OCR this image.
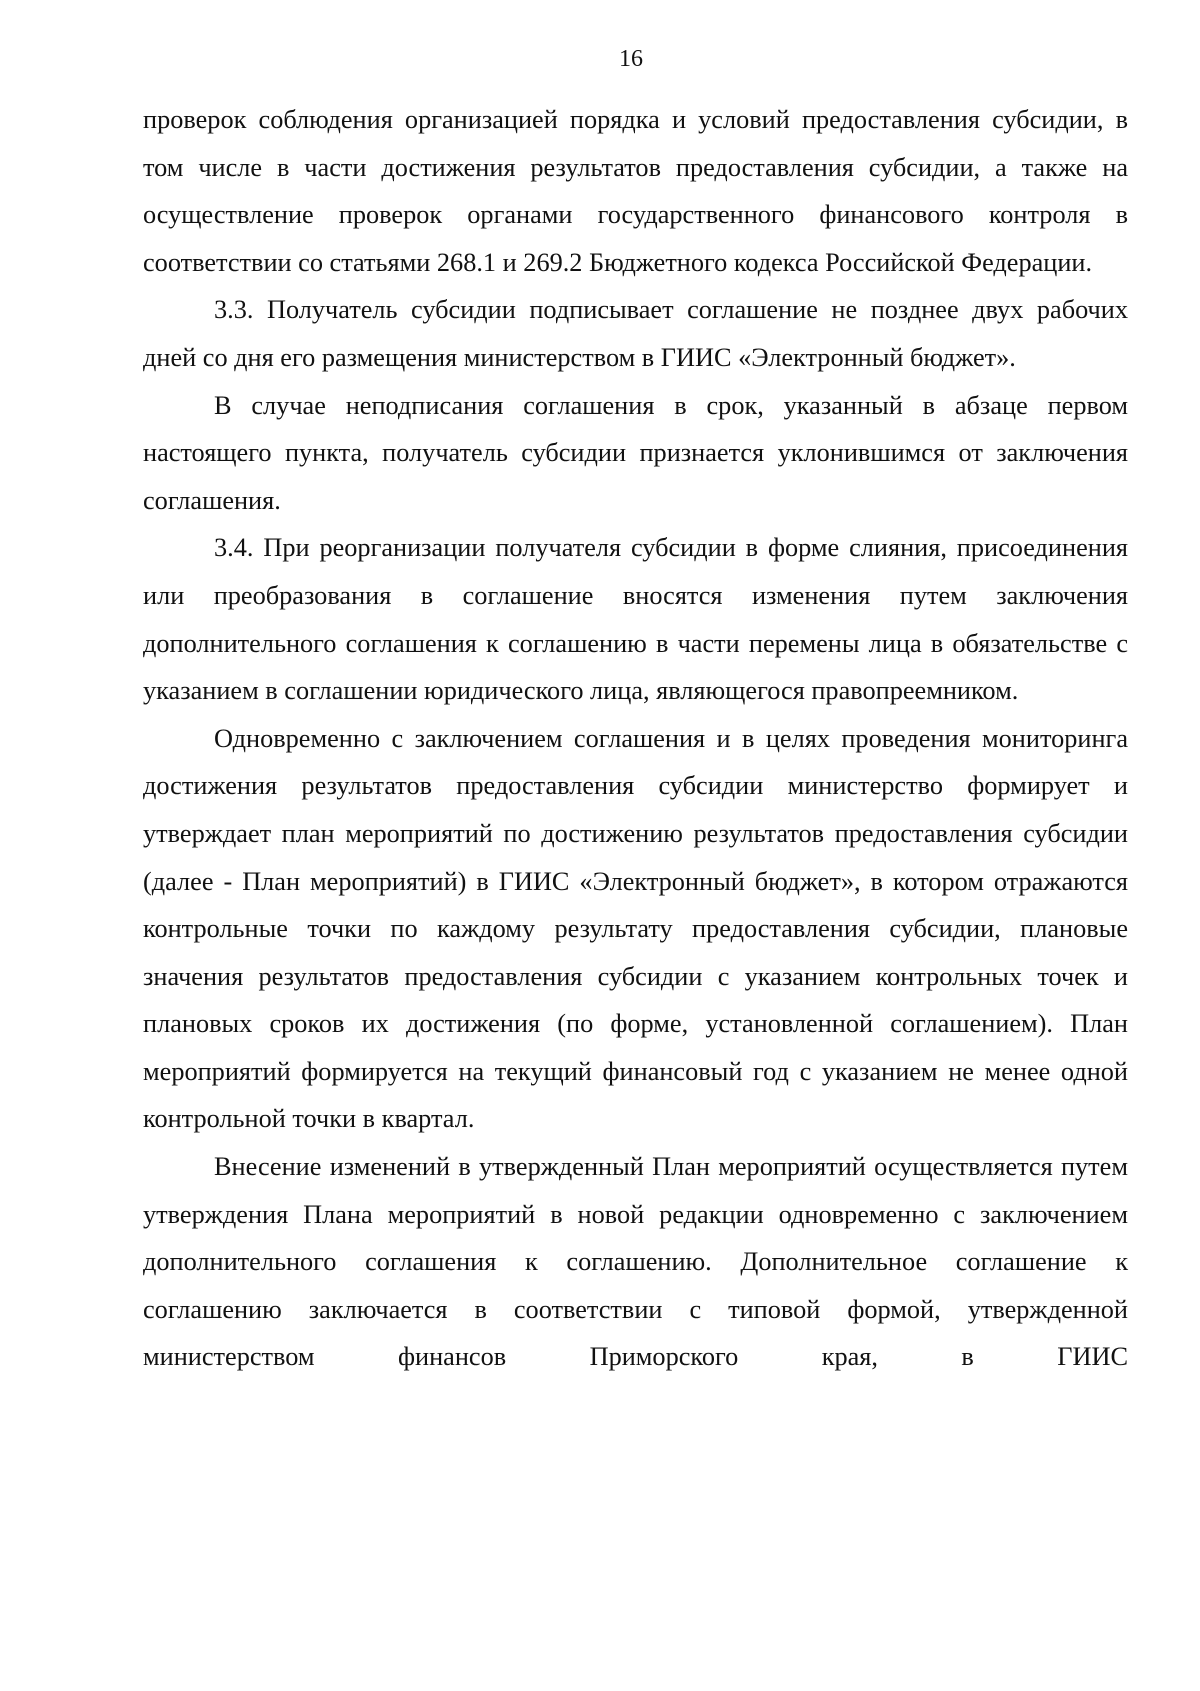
16

проверок соблюдения организацией порядка и условий предоставления субсидии, в том числе в части достижения результатов предоставления субсидии, а также на осуществление проверок органами государственного финансового контроля в соответствии со статьями 268.1 и 269.2 Бюджетного кодекса Российской Федерации.

3.3. Получатель субсидии подписывает соглашение не позднее двух рабочих дней со дня его размещения министерством в ГИИС «Электронный бюджет».

В случае неподписания соглашения в срок, указанный в абзаце первом настоящего пункта, получатель субсидии признается уклонившимся от заключения соглашения.

3.4. При реорганизации получателя субсидии в форме слияния, присоединения или преобразования в соглашение вносятся изменения путем заключения дополнительного соглашения к соглашению в части перемены лица в обязательстве с указанием в соглашении юридического лица, являющегося правопреемником.

Одновременно с заключением соглашения и в целях проведения мониторинга достижения результатов предоставления субсидии министерство формирует и утверждает план мероприятий по достижению результатов предоставления субсидии (далее - План мероприятий) в ГИИС «Электронный бюджет», в котором отражаются контрольные точки по каждому результату предоставления субсидии, плановые значения результатов предоставления субсидии с указанием контрольных точек и плановых сроков их достижения (по форме, установленной соглашением). План мероприятий формируется на текущий финансовый год с указанием не менее одной контрольной точки в квартал.

Внесение изменений в утвержденный План мероприятий осуществляется путем утверждения Плана мероприятий в новой редакции одновременно с заключением дополнительного соглашения к соглашению. Дополнительное соглашение к соглашению заключается в соответствии с типовой формой, утвержденной министерством финансов Приморского края, в ГИИС
